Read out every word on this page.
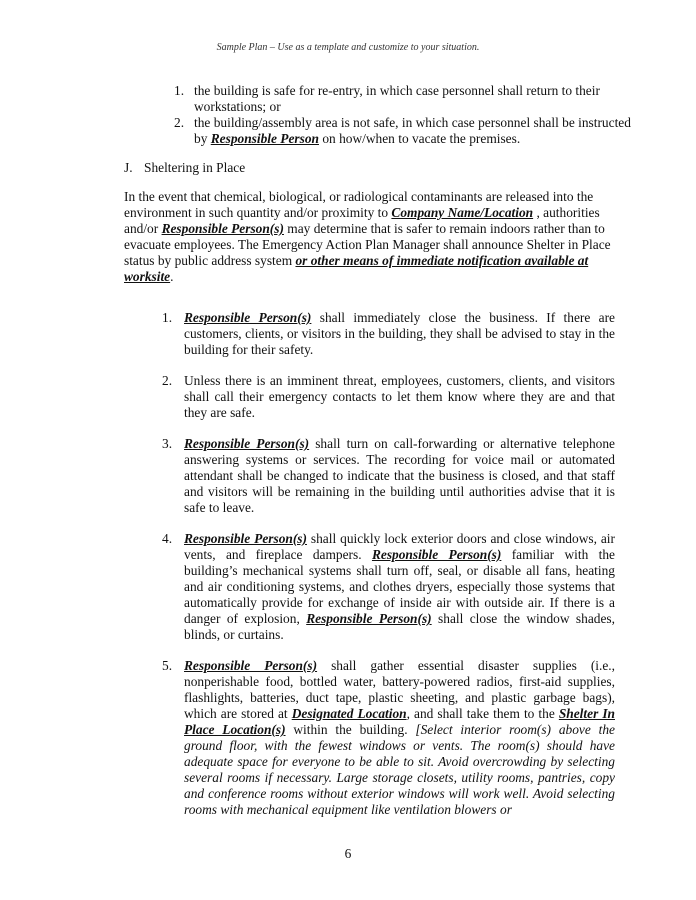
Sample Plan – Use as a template and customize to your situation.

1. the building is safe for re-entry, in which case personnel shall return to their workstations; or

2. the building/assembly area is not safe, in which case personnel shall be instructed by Responsible Person on how/when to vacate the premises.

J. Sheltering in Place

In the event that chemical, biological, or radiological contaminants are released into the environment in such quantity and/or proximity to Company Name/Location , authorities and/or Responsible Person(s) may determine that is safer to remain indoors rather than to evacuate employees. The Emergency Action Plan Manager shall announce Shelter in Place status by public address system or other means of immediate notification available at worksite.

1. Responsible Person(s) shall immediately close the business. If there are customers, clients, or visitors in the building, they shall be advised to stay in the building for their safety.

2. Unless there is an imminent threat, employees, customers, clients, and visitors shall call their emergency contacts to let them know where they are and that they are safe.

3. Responsible Person(s) shall turn on call-forwarding or alternative telephone answering systems or services. The recording for voice mail or automated attendant shall be changed to indicate that the business is closed, and that staff and visitors will be remaining in the building until authorities advise that it is safe to leave.

4. Responsible Person(s) shall quickly lock exterior doors and close windows, air vents, and fireplace dampers. Responsible Person(s) familiar with the building’s mechanical systems shall turn off, seal, or disable all fans, heating and air conditioning systems, and clothes dryers, especially those systems that automatically provide for exchange of inside air with outside air. If there is a danger of explosion, Responsible Person(s) shall close the window shades, blinds, or curtains.

5. Responsible Person(s) shall gather essential disaster supplies (i.e., nonperishable food, bottled water, battery-powered radios, first-aid supplies, flashlights, batteries, duct tape, plastic sheeting, and plastic garbage bags), which are stored at Designated Location, and shall take them to the Shelter In Place Location(s) within the building. [Select interior room(s) above the ground floor, with the fewest windows or vents. The room(s) should have adequate space for everyone to be able to sit. Avoid overcrowding by selecting several rooms if necessary. Large storage closets, utility rooms, pantries, copy and conference rooms without exterior windows will work well. Avoid selecting rooms with mechanical equipment like ventilation blowers or

6
